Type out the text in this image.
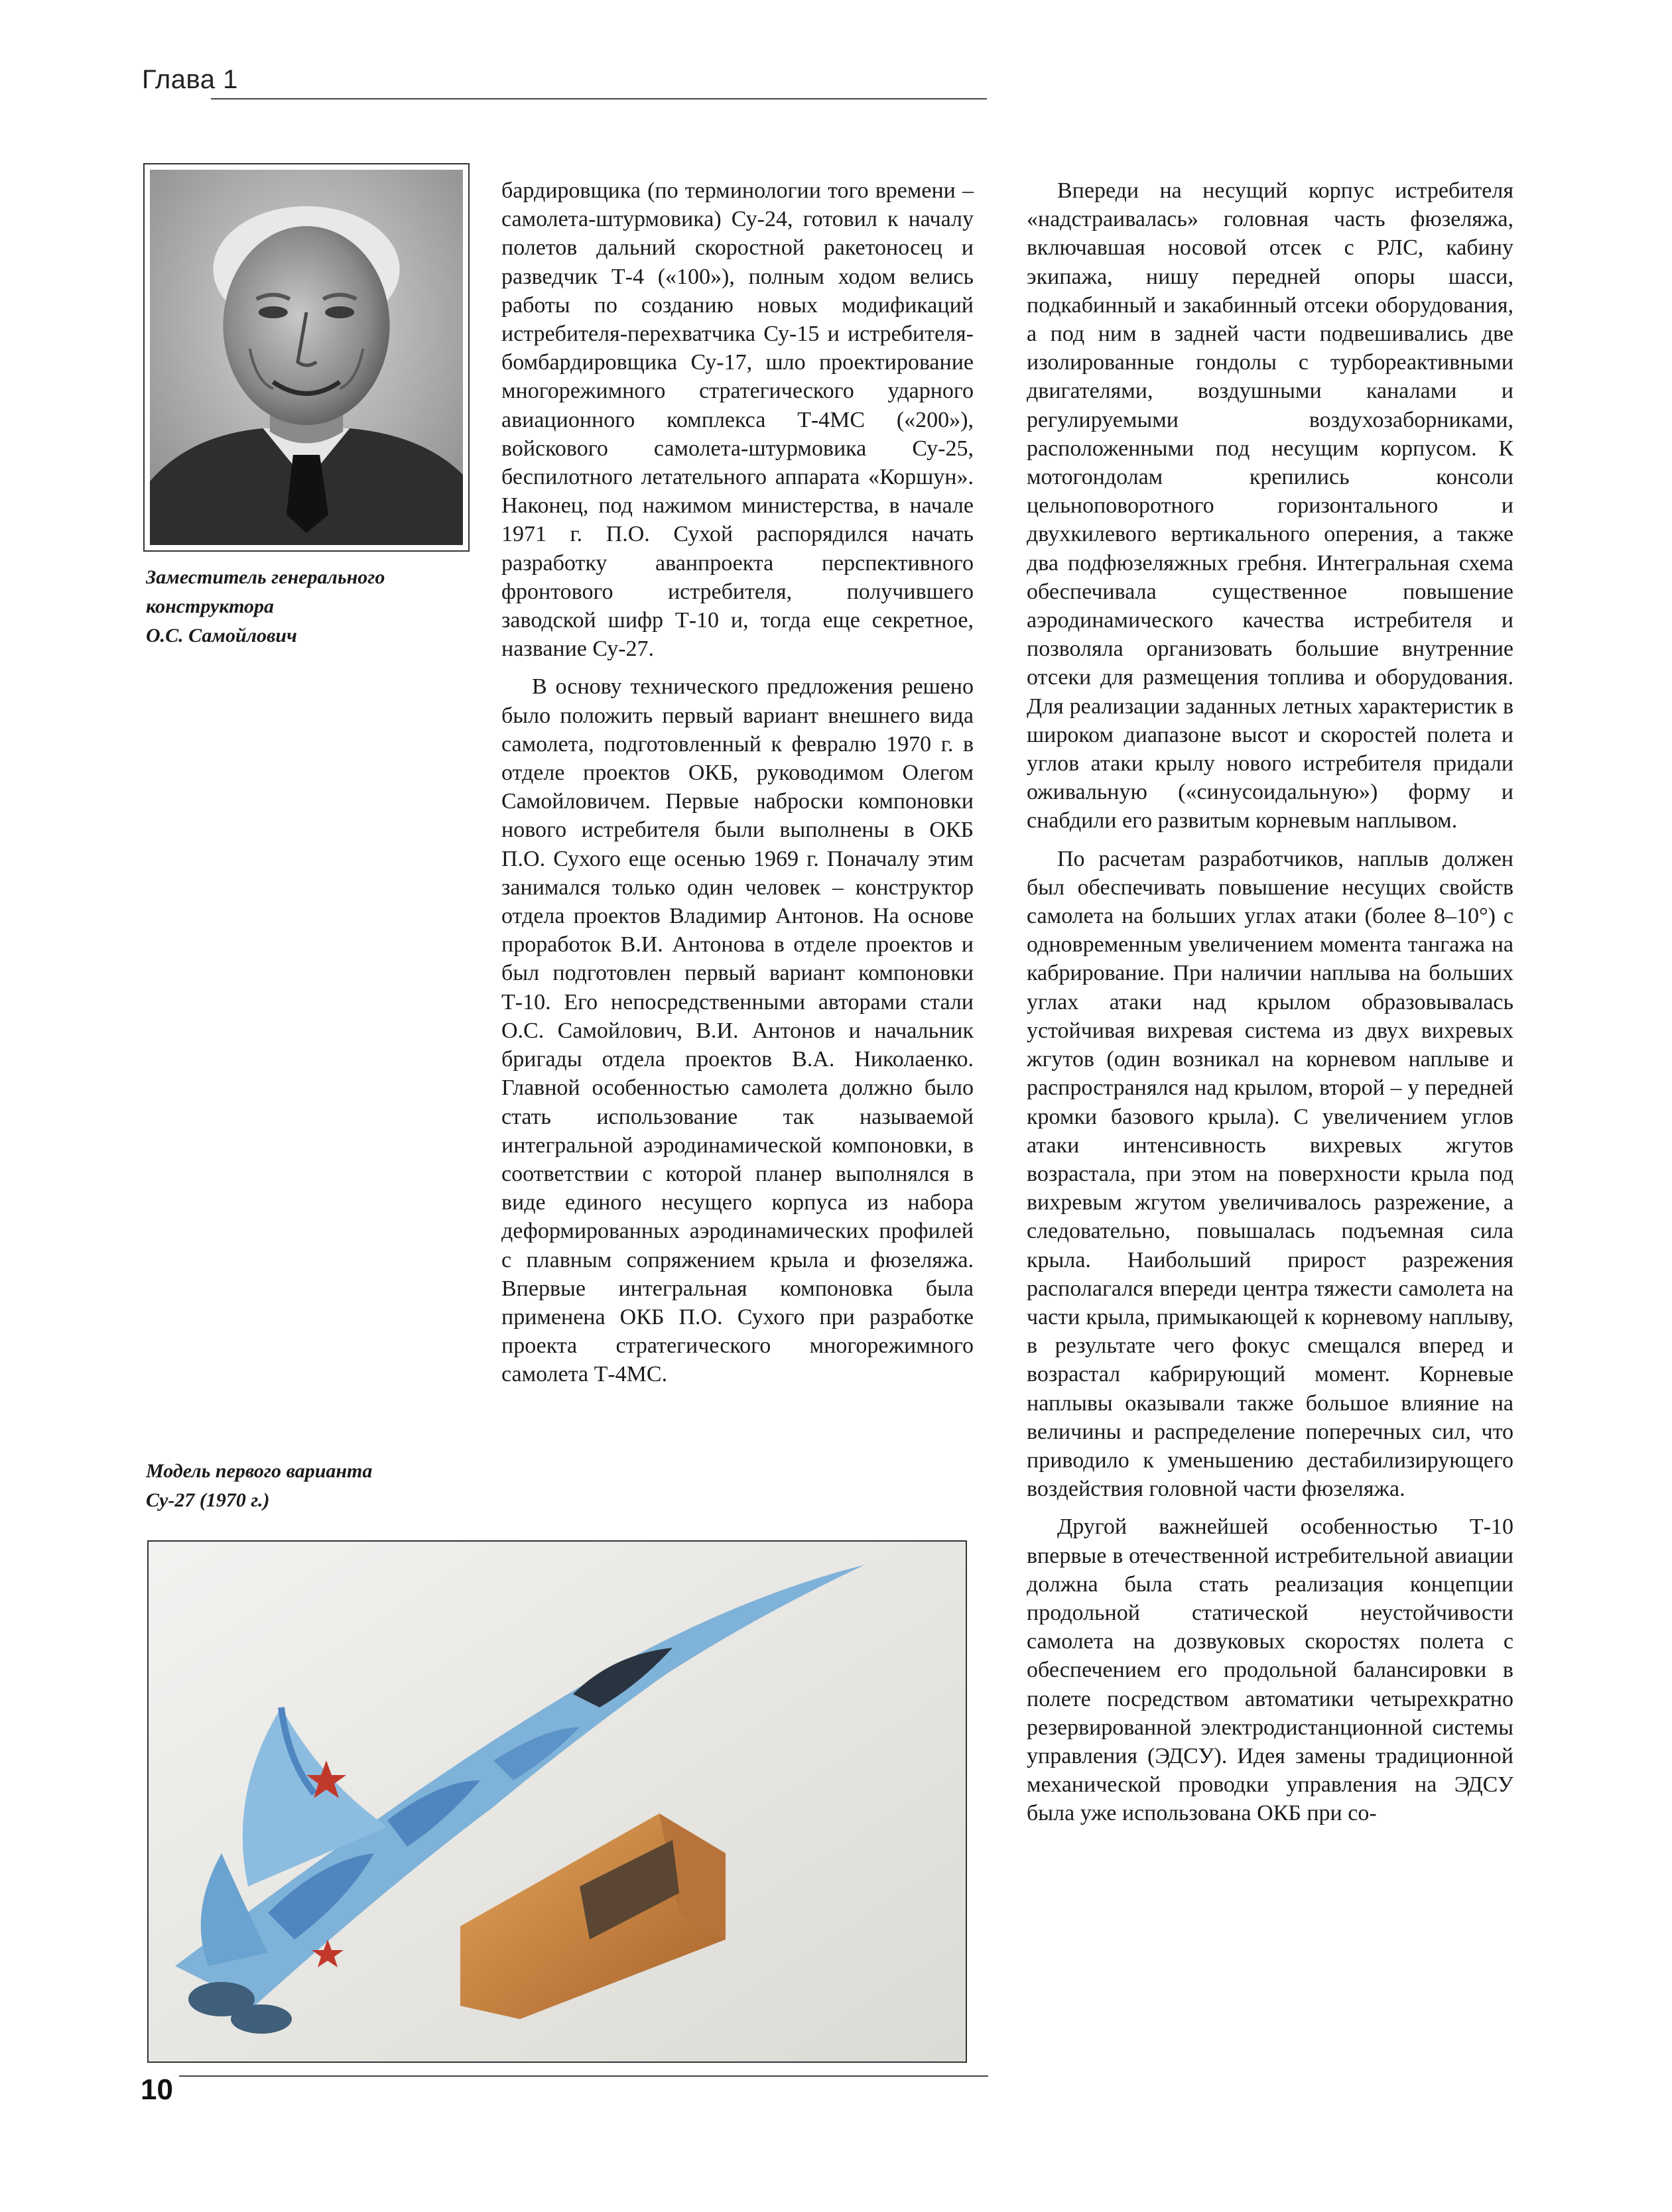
Глава 1
Заместитель генерального
конструктора
О.С. Самойлович

бардировщика (по терминологии того времени – самолета-штурмовика) Су-24, готовил к началу полетов дальний скоростной ракетоносец и разведчик Т-4 («100»), полным ходом велись работы по созданию новых модификаций истребителя-перехватчика Су-15 и истребителя-бомбардировщика Су-17, шло проектирование многорежимного стратегического ударного авиационного комплекса Т-4МС («200»), войскового самолета-штурмовика Су-25, беспилотного летательного аппарата «Коршун». Наконец, под нажимом министерства, в начале 1971 г. П.О. Сухой распорядился начать разработку аванпроекта перспективного фронтового истребителя, получившего заводской шифр Т-10 и, тогда еще секретное, название Су-27.

В основу технического предложения решено было положить первый вариант внешнего вида самолета, подготовленный к февралю 1970 г. в отделе проектов ОКБ, руководимом Олегом Самойловичем. Первые наброски компоновки нового истребителя были выполнены в ОКБ П.О. Сухого еще осенью 1969 г. Поначалу этим занимался только один человек – конструктор отдела проектов Владимир Антонов. На основе проработок В.И. Антонова в отделе проектов и был подготовлен первый вариант компоновки Т-10. Его непосредственными авторами стали О.С. Самойлович, В.И. Антонов и начальник бригады отдела проектов В.А. Николаенко. Главной особенностью самолета должно было стать использование так называемой интегральной аэродинамической компоновки, в соответствии с которой планер выполнялся в виде единого несущего корпуса из набора деформированных аэродинамических профилей с плавным сопряжением крыла и фюзеляжа. Впервые интегральная компоновка была применена ОКБ П.О. Сухого при разработке проекта стратегического многорежимного самолета Т-4МС.

Впереди на несущий корпус истребителя «надстраивалась» головная часть фюзеляжа, включавшая носовой отсек с РЛС, кабину экипажа, нишу передней опоры шасси, подкабинный и закабинный отсеки оборудования, а под ним в задней части подвешивались две изолированные гондолы с турбореактивными двигателями, воздушными каналами и регулируемыми воздухозаборниками, расположенными под несущим корпусом. К мотогондолам крепились консоли цельноповоротного горизонтального и двухкилевого вертикального оперения, а также два подфюзеляжных гребня. Интегральная схема обеспечивала существенное повышение аэродинамического качества истребителя и позволяла организовать большие внутренние отсеки для размещения топлива и оборудования. Для реализации заданных летных характеристик в широком диапазоне высот и скоростей полета и углов атаки крылу нового истребителя придали оживальную («синусоидальную») форму и снабдили его развитым корневым наплывом.

По расчетам разработчиков, наплыв должен был обеспечивать повышение несущих свойств самолета на больших углах атаки (более 8–10°) с одновременным увеличением момента тангажа на кабрирование. При наличии наплыва на больших углах атаки над крылом образовывалась устойчивая вихревая система из двух вихревых жгутов (один возникал на корневом наплыве и распространялся над крылом, второй – у передней кромки базового крыла). С увеличением углов атаки интенсивность вихревых жгутов возрастала, при этом на поверхности крыла под вихревым жгутом увеличивалось разрежение, а следовательно, повышалась подъемная сила крыла. Наибольший прирост разрежения располагался впереди центра тяжести самолета на части крыла, примыкающей к корневому наплыву, в результате чего фокус смещался вперед и возрастал кабрирующий момент. Корневые наплывы оказывали также большое влияние на величины и распределение поперечных сил, что приводило к уменьшению дестабилизирующего воздействия головной части фюзеляжа.

Другой важнейшей особенностью Т-10 впервые в отечественной истребительной авиации должна была стать реализация концепции продольной статической неустойчивости самолета на дозвуковых скоростях полета с обеспечением его продольной балансировки в полете посредством автоматики четырехкратно резервированной электродистанционной системы управления (ЭДСУ). Идея замены традиционной механической проводки управления на ЭДСУ была уже использована ОКБ при со-

Модель первого варианта
Су-27 (1970 г.)
10
